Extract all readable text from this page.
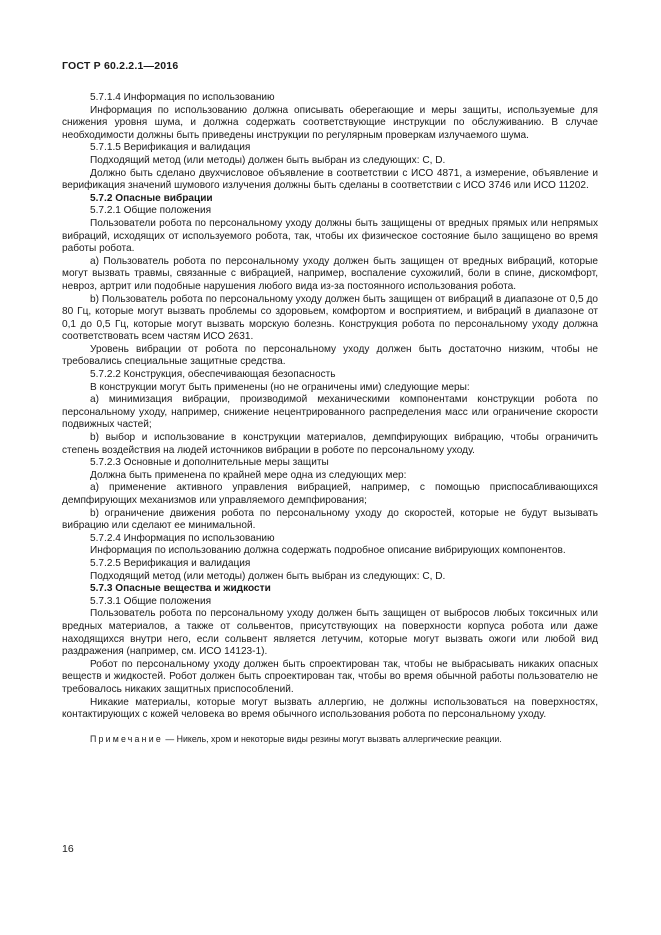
ГОСТ Р 60.2.2.1—2016

5.7.1.4 Информация по использованию

Информация по использованию должна описывать оберегающие и меры защиты, используемые для снижения уровня шума, и должна содержать соответствующие инструкции по обслуживанию. В случае необходимости должны быть приведены инструкции по регулярным проверкам излучаемого шума.

5.7.1.5 Верификация и валидация

Подходящий метод (или методы) должен быть выбран из следующих: С, D.

Должно быть сделано двухчисловое объявление в соответствии с ИСО 4871, а измерение, объявление и верификация значений шумового излучения должны быть сделаны в соответствии с ИСО 3746 или ИСО 11202.

5.7.2 Опасные вибрации

5.7.2.1 Общие положения

Пользователи робота по персональному уходу должны быть защищены от вредных прямых или непрямых вибраций, исходящих от используемого робота, так, чтобы их физическое состояние было защищено во время работы робота.

a) Пользователь робота по персональному уходу должен быть защищен от вредных вибраций, которые могут вызвать травмы, связанные с вибрацией, например, воспаление сухожилий, боли в спине, дискомфорт, невроз, артрит или подобные нарушения любого вида из-за постоянного использования робота.

b) Пользователь робота по персональному уходу должен быть защищен от вибраций в диапазоне от 0,5 до 80 Гц, которые могут вызвать проблемы со здоровьем, комфортом и восприятием, и вибраций в диапазоне от 0,1 до 0,5 Гц, которые могут вызвать морскую болезнь. Конструкция робота по персональному уходу должна соответствовать всем частям ИСО 2631.

Уровень вибрации от робота по персональному уходу должен быть достаточно низким, чтобы не требовались специальные защитные средства.

5.7.2.2 Конструкция, обеспечивающая безопасность

В конструкции могут быть применены (но не ограничены ими) следующие меры:

a) минимизация вибрации, производимой механическими компонентами конструкции робота по персональному уходу, например, снижение нецентрированного распределения масс или ограничение скорости подвижных частей;

b) выбор и использование в конструкции материалов, демпфирующих вибрацию, чтобы ограничить степень воздействия на людей источников вибрации в роботе по персональному уходу.

5.7.2.3 Основные и дополнительные меры защиты

Должна быть применена по крайней мере одна из следующих мер:

a) применение активного управления вибрацией, например, с помощью приспосабливающихся демпфирующих механизмов или управляемого демпфирования;

b) ограничение движения робота по персональному уходу до скоростей, которые не будут вызывать вибрацию или сделают ее минимальной.

5.7.2.4 Информация по использованию

Информация по использованию должна содержать подробное описание вибрирующих компонентов.

5.7.2.5 Верификация и валидация

Подходящий метод (или методы) должен быть выбран из следующих: С, D.

5.7.3 Опасные вещества и жидкости

5.7.3.1 Общие положения

Пользователь робота по персональному уходу должен быть защищен от выбросов любых токсичных или вредных материалов, а также от сольвентов, присутствующих на поверхности корпуса робота или даже находящихся внутри него, если сольвент является летучим, которые могут вызвать ожоги или любой вид раздражения (например, см. ИСО 14123-1).

Робот по персональному уходу должен быть спроектирован так, чтобы не выбрасывать никаких опасных веществ и жидкостей. Робот должен быть спроектирован так, чтобы во время обычной работы пользователю не требовалось никаких защитных приспособлений.

Никакие материалы, которые могут вызвать аллергию, не должны использоваться на поверхностях, контактирующих с кожей человека во время обычного использования робота по персональному уходу.

Примечание — Никель, хром и некоторые виды резины могут вызвать аллергические реакции.

16
